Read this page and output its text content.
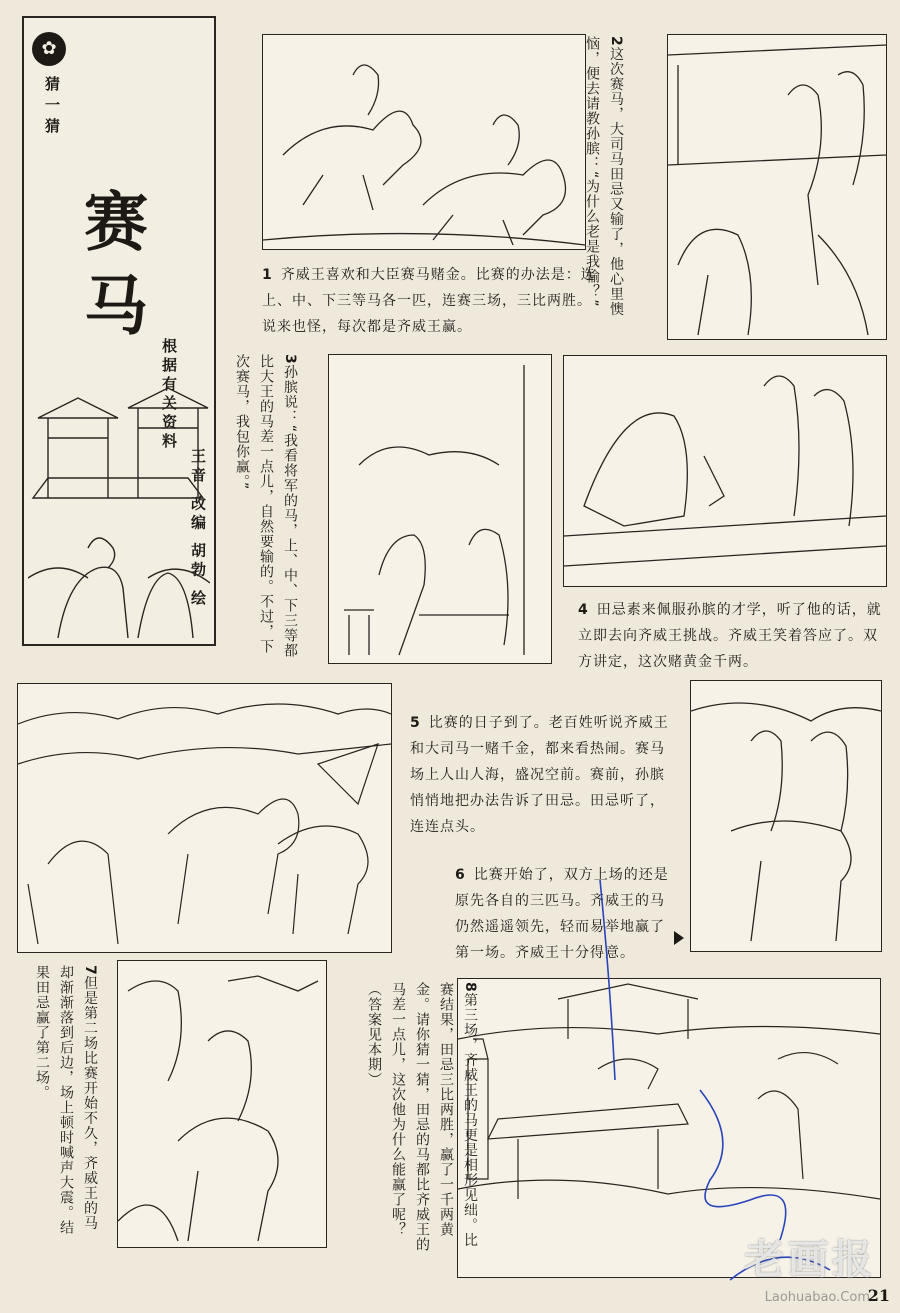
✿
猜一猜
赛马
根据有关资料
王音 改编 胡勃 绘
1 齐威王喜欢和大臣赛马赌金。比赛的办法是：选上、中、下三等马各一匹，连赛三场，三比两胜。说来也怪，每次都是齐威王赢。
2这次赛马，大司马田忌又输了，他心里懊恼，便去请教孙膑：“为什么老是我输？”
3孙膑说：“我看将军的马，上、中、下三等都比大王的马差一点儿，自然要输的。不过，下次赛马，我包你赢。”
4 田忌素来佩服孙膑的才学，听了他的话，就立即去向齐威王挑战。齐威王笑着答应了。双方讲定，这次赌黄金千两。
5 比赛的日子到了。老百姓听说齐威王和大司马一赌千金，都来看热闹。赛马场上人山人海，盛况空前。赛前，孙膑悄悄地把办法告诉了田忌。田忌听了，连连点头。
6 比赛开始了，双方上场的还是原先各自的三匹马。齐威王的马仍然遥遥领先，轻而易举地赢了第一场。齐威王十分得意。
7但是第二场比赛开始不久，齐威王的马却渐渐落到后边，场上顿时喊声大震。结果田忌赢了第二场。	8第三场，齐威王的马更是相形见绌。比赛结果，田忌三比两胜，赢了一千两黄金。请你猜一猜，田忌的马都比齐威王的马差一点儿，这次他为什么能赢了呢？（答案见本期）
老画报
Laohuabao.Com
21
